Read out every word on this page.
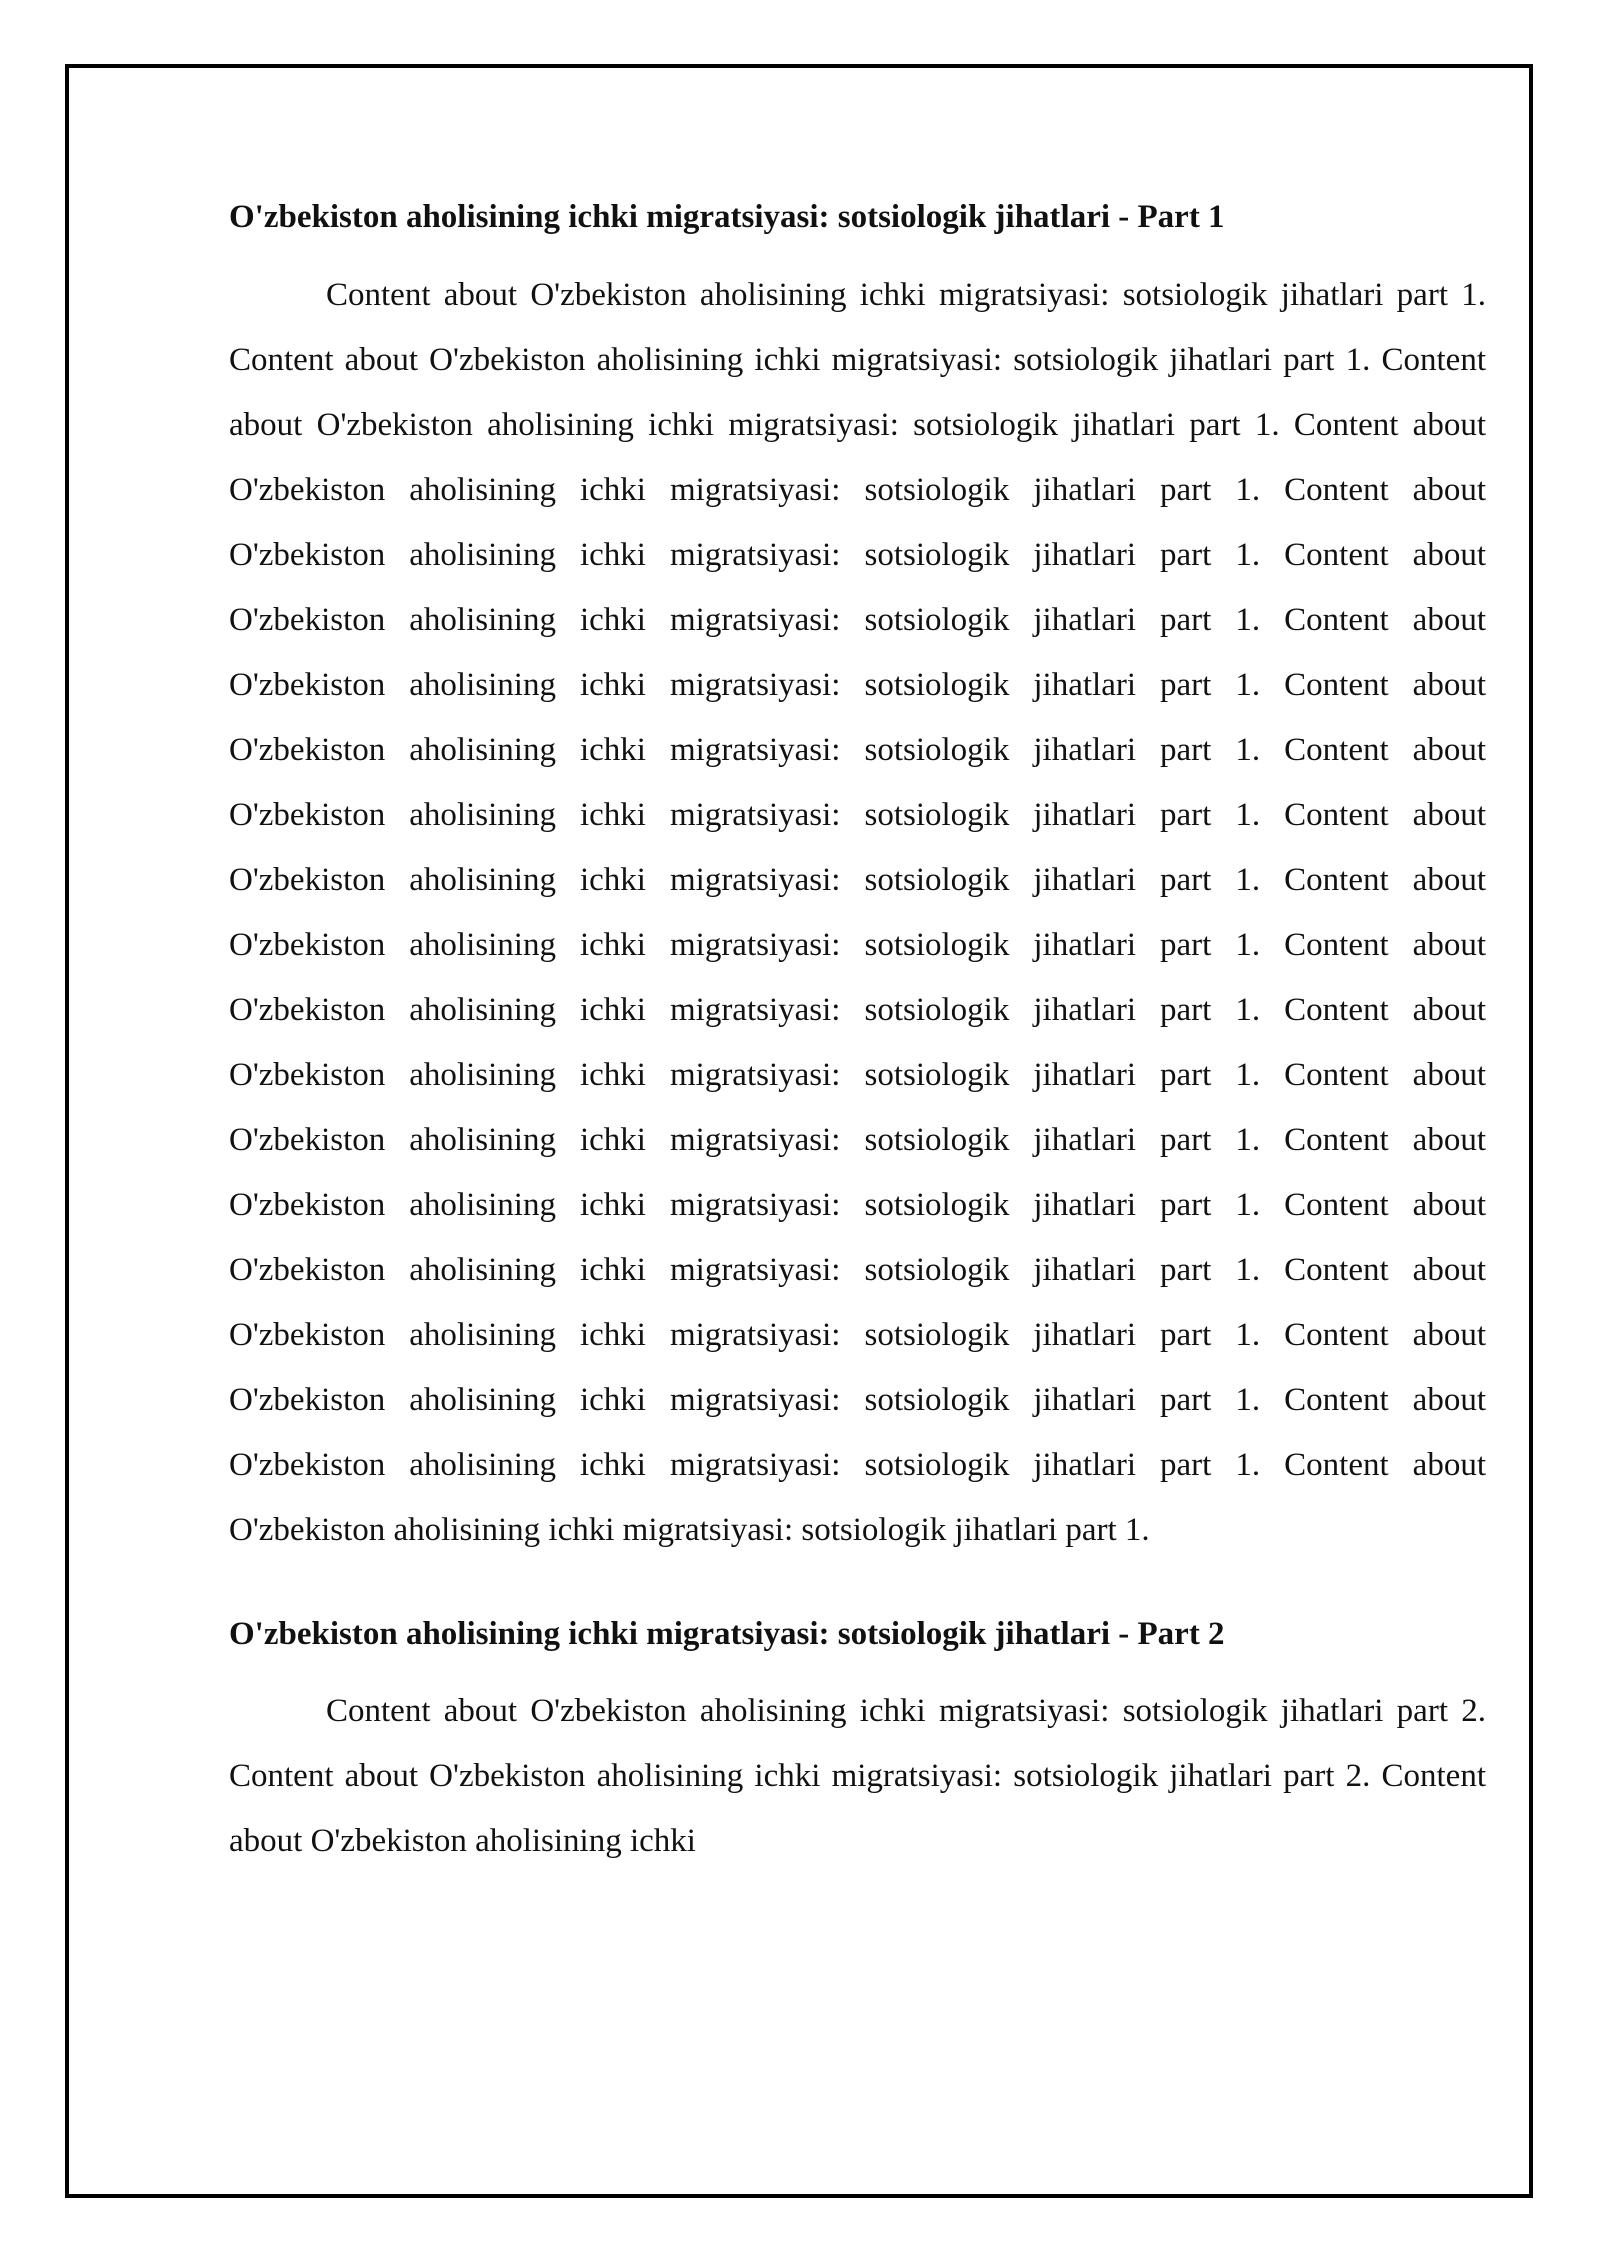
O'zbekiston aholisining ichki migratsiyasi: sotsiologik jihatlari - Part 1

Content about O'zbekiston aholisining ichki migratsiyasi: sotsiologik jihatlari part 1. Content about O'zbekiston aholisining ichki migratsiyasi: sotsiologik jihatlari part 1. Content about O'zbekiston aholisining ichki migratsiyasi: sotsiologik jihatlari part 1. Content about O'zbekiston aholisining ichki migratsiyasi: sotsiologik jihatlari part 1. Content about O'zbekiston aholisining ichki migratsiyasi: sotsiologik jihatlari part 1. Content about O'zbekiston aholisining ichki migratsiyasi: sotsiologik jihatlari part 1. Content about O'zbekiston aholisining ichki migratsiyasi: sotsiologik jihatlari part 1. Content about O'zbekiston aholisining ichki migratsiyasi: sotsiologik jihatlari part 1. Content about O'zbekiston aholisining ichki migratsiyasi: sotsiologik jihatlari part 1. Content about O'zbekiston aholisining ichki migratsiyasi: sotsiologik jihatlari part 1. Content about O'zbekiston aholisining ichki migratsiyasi: sotsiologik jihatlari part 1. Content about O'zbekiston aholisining ichki migratsiyasi: sotsiologik jihatlari part 1. Content about O'zbekiston aholisining ichki migratsiyasi: sotsiologik jihatlari part 1. Content about O'zbekiston aholisining ichki migratsiyasi: sotsiologik jihatlari part 1. Content about O'zbekiston aholisining ichki migratsiyasi: sotsiologik jihatlari part 1. Content about O'zbekiston aholisining ichki migratsiyasi: sotsiologik jihatlari part 1. Content about O'zbekiston aholisining ichki migratsiyasi: sotsiologik jihatlari part 1. Content about O'zbekiston aholisining ichki migratsiyasi: sotsiologik jihatlari part 1. Content about O'zbekiston aholisining ichki migratsiyasi: sotsiologik jihatlari part 1. Content about O'zbekiston aholisining ichki migratsiyasi: sotsiologik jihatlari part 1.

O'zbekiston aholisining ichki migratsiyasi: sotsiologik jihatlari - Part 2

Content about O'zbekiston aholisining ichki migratsiyasi: sotsiologik jihatlari part 2. Content about O'zbekiston aholisining ichki migratsiyasi: sotsiologik jihatlari part 2. Content about O'zbekiston aholisining ichki
